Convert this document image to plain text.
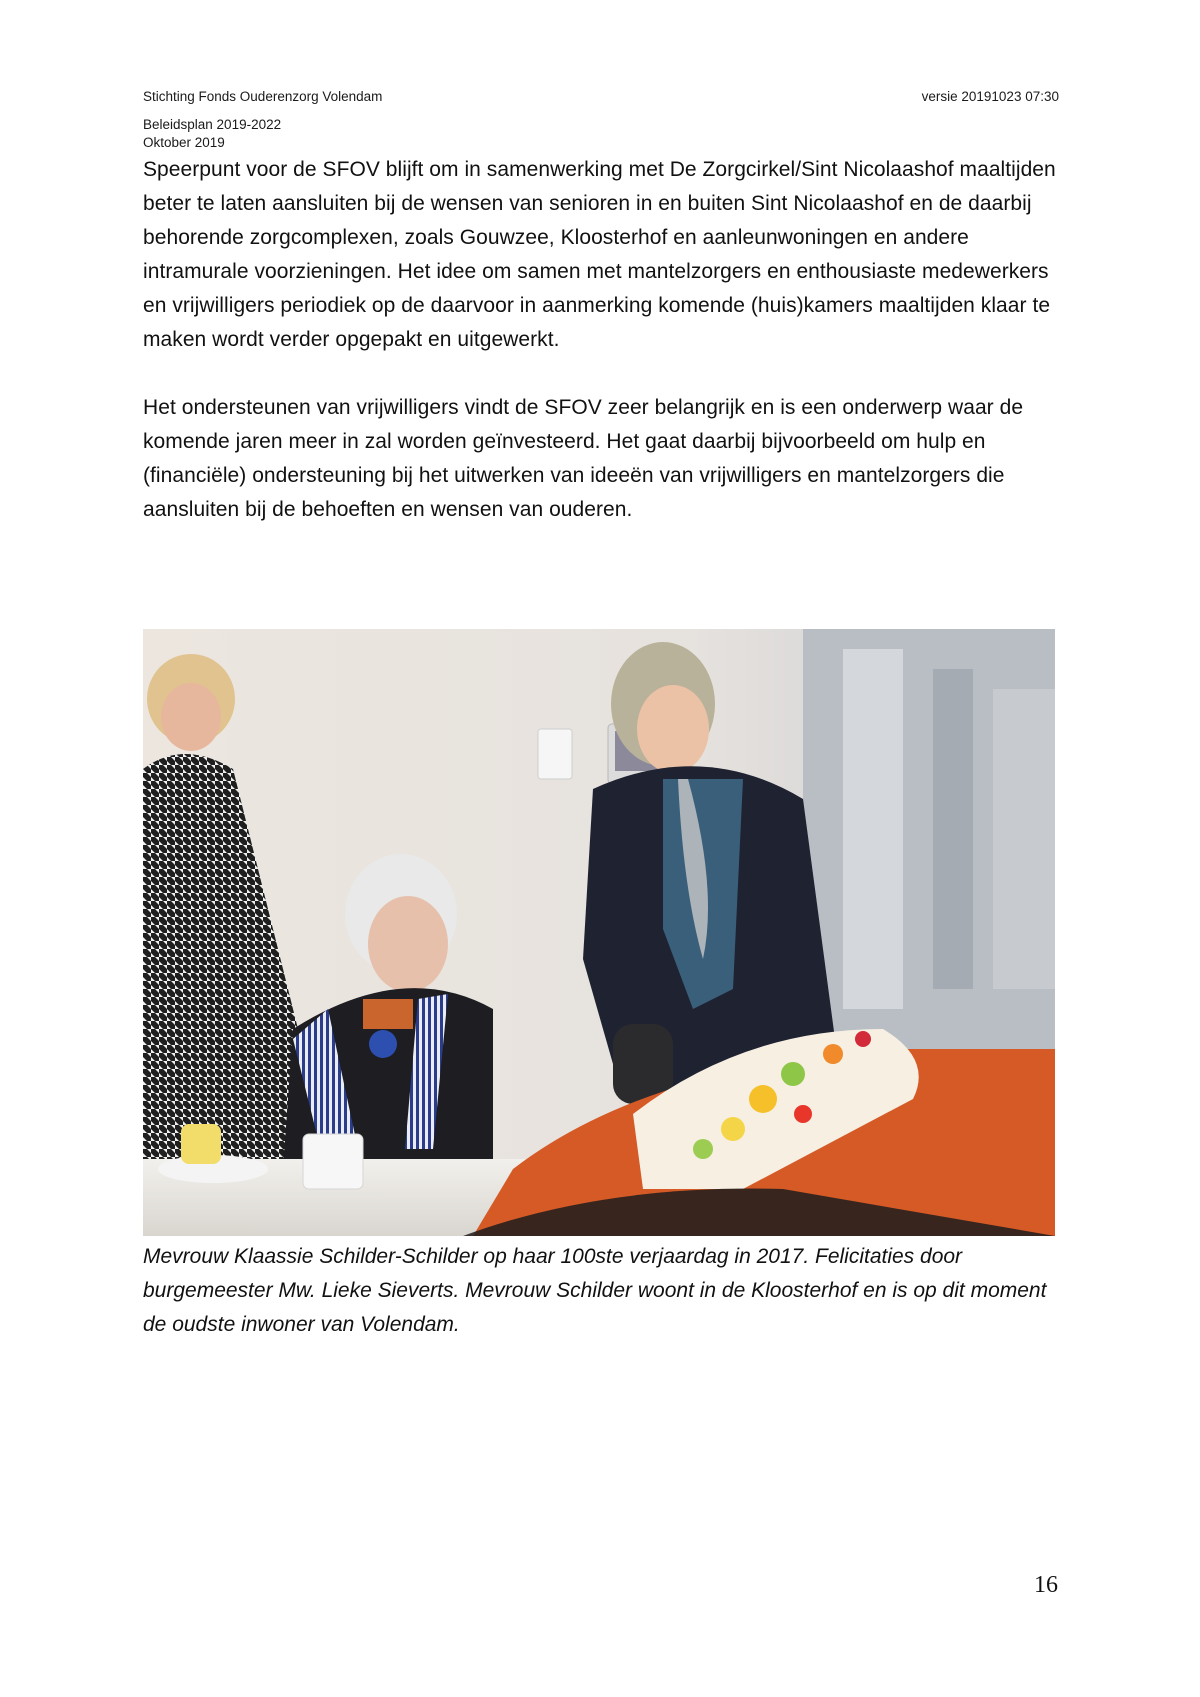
Stichting Fonds Ouderenzorg Volendam	versie 20191023 07:30
Beleidsplan 2019-2022
Oktober 2019

Speerpunt voor de SFOV blijft om in samenwerking met De Zorgcirkel/Sint Nicolaashof maaltijden beter te laten aansluiten bij de wensen van senioren in en buiten Sint Nicolaashof en de daarbij behorende zorgcomplexen, zoals Gouwzee, Kloosterhof en aanleunwoningen en andere intramurale voorzieningen. Het idee om samen met mantelzorgers en enthousiaste medewerkers en vrijwilligers periodiek op de daarvoor in aanmerking komende (huis)kamers maaltijden klaar te maken wordt verder opgepakt en uitgewerkt.

Het ondersteunen van vrijwilligers vindt de SFOV zeer belangrijk en is een onderwerp waar de komende jaren meer in zal worden geïnvesteerd. Het gaat daarbij bijvoorbeeld om hulp en (financiële) ondersteuning bij het uitwerken van ideeën van vrijwilligers en mantelzorgers die aansluiten bij de behoeften en wensen van ouderen.

Mevrouw Klaassie Schilder-Schilder op haar 100ste verjaardag in 2017. Felicitaties door burgemeester Mw. Lieke Sieverts. Mevrouw Schilder woont in de Kloosterhof en is op dit moment de oudste inwoner van Volendam.

16
